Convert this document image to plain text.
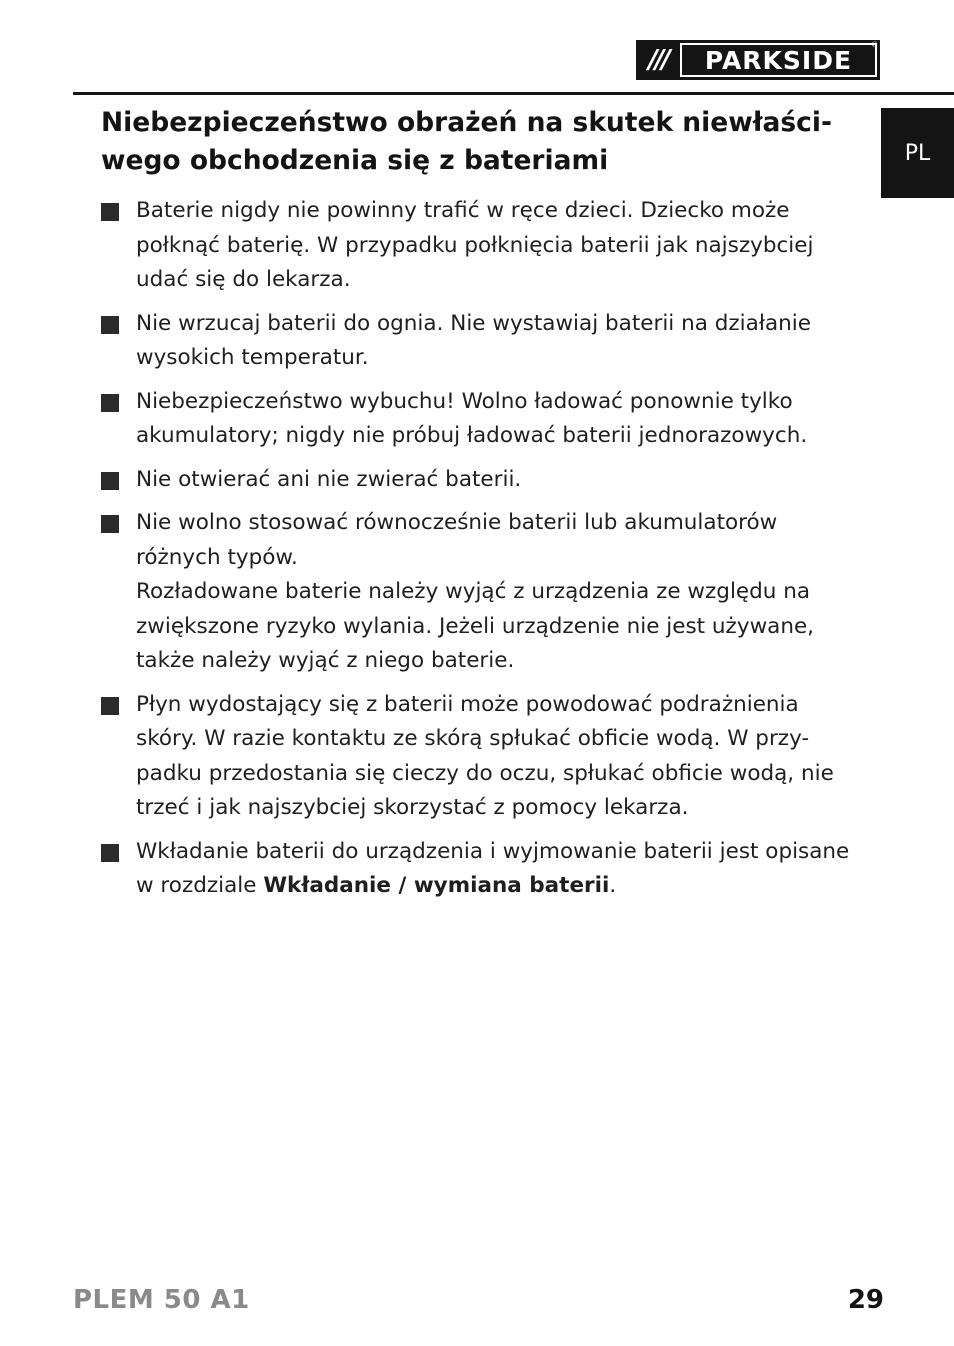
///	PARKSIDE
®
PL
Niebezpieczeństwo obrażeń na skutek niewłaści-wego obchodzenia się z bateriami

Baterie nigdy nie powinny trafić w ręce dzieci. Dziecko może połknąć baterię. W przypadku połknięcia baterii jak najszybciej udać się do lekarza.

Nie wrzucaj baterii do ognia. Nie wystawiaj baterii na działanie wysokich temperatur.

Niebezpieczeństwo wybuchu! Wolno ładować ponownie tylko akumulatory; nigdy nie próbuj ładować baterii jednorazowych.

Nie otwierać ani nie zwierać baterii.

Nie wolno stosować równocześnie baterii lub akumulatorów różnych typów.

Rozładowane baterie należy wyjąć z urządzenia ze względu na zwiększone ryzyko wylania. Jeżeli urządzenie nie jest używane, także należy wyjąć z niego baterie.

Płyn wydostający się z baterii może powodować podrażnienia skóry. W razie kontaktu ze skórą spłukać obficie wodą. W przy-padku przedostania się cieczy do oczu, spłukać obficie wodą, nie trzeć i jak najszybciej skorzystać z pomocy lekarza.

Wkładanie baterii do urządzenia i wyjmowanie baterii jest opisane w rozdziale Wkładanie / wymiana baterii.

PLEM 50 A1	29
